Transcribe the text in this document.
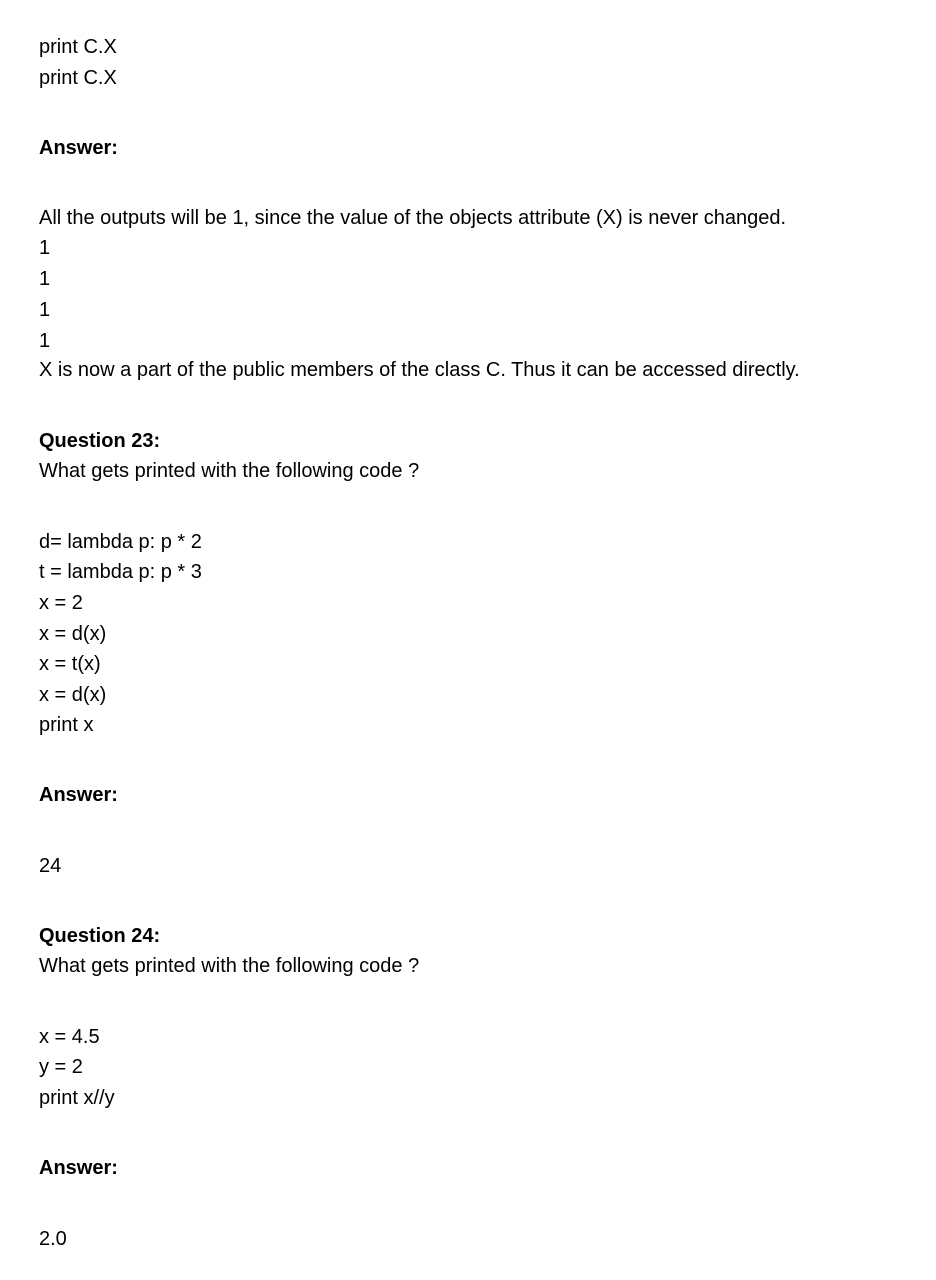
print C.X
print C.X
Answer:
All the outputs will be 1, since the value of the objects attribute (X) is never changed.
1
1
1
1
X is now a part of the public members of the class C. Thus it can be accessed directly.
Question 23:
What gets printed with the following code ?
d= lambda p: p * 2
t = lambda p: p * 3
x = 2
x = d(x)
x = t(x)
x = d(x)
print x
Answer:
24
Question 24:
What gets printed with the following code ?
x = 4.5
y = 2
print x//y
Answer:
2.0
